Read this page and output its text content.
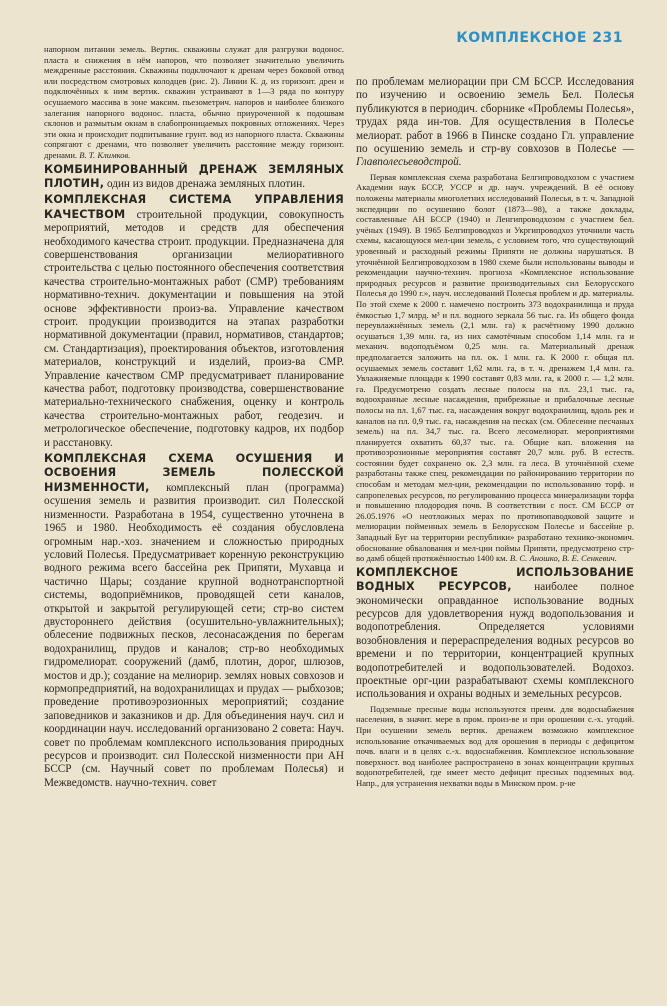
КОМПЛЕКСНОЕ 231

напорном питании земель. Вертик. скважины служат для разгрузки водонос. пласта и снижения в нём напоров, что позволяет значительно увеличить междренные расстояния. Скважины подключают к дренам через боковой отвод или посредством смотровых колодцев (рис. 2). Линии К. д. из горизонт. дрен и подключённых к ним вертик. скважин устраивают в 1—3 ряда по контуру осушаемого массива в зоне максим. пьезометрич. напоров и наиболее близкого залегания напорного водонос. пласта, обычно приуроченной к подошвам склонов и размытым окнам в слабопроницаемых покровных отложениях. Через эти окна и происходит подпитывание грунт. вод из напорного пласта. Скважины сопрягают с дренами, что позволяет увеличить расстояние между горизонт. дренами. В. Т. Климков.

КОМБИНИРОВАННЫЙ ДРЕНАЖ ЗЕМЛЯНЫХ ПЛОТИН, один из видов дренажа земляных плотин.

КОМПЛЕКСНАЯ СИСТЕМА УПРАВЛЕНИЯ КАЧЕСТВОМ строительной продукции, совокупность мероприятий, методов и средств для обеспечения необходимого качества строит. продукции. Предназначена для совершенствования организации мелиоративного строительства с целью постоянного обеспечения соответствия качества строительно-монтажных работ (СМР) требованиям нормативно-технич. документации и повышения на этой основе эффективности произ-ва. Управление качеством строит. продукции производится на этапах разработки нормативной документации (правил, нормативов, стандартов; см. Стандартизация), проектирования объектов, изготовления материалов, конструкций и изделий, произ-ва СМР. Управление качеством СМР предусматривает планирование качества работ, подготовку производства, совершенствование материально-технического снабжения, оценку и контроль качества строительно-монтажных работ, геодезич. и метрологическое обеспечение, подготовку кадров, их подбор и расстановку.

КОМПЛЕКСНАЯ СХЕМА ОСУШЕНИЯ И ОСВОЕНИЯ ЗЕМЕЛЬ ПОЛЕССКОЙ НИЗМЕННОСТИ, комплексный план (программа) осушения земель и развития производит. сил Полесской низменности. Разработана в 1954, существенно уточнена в 1965 и 1980. Необходимость её создания обусловлена огромным нар.-хоз. значением и сложностью природных условий Полесья. Предусматривает коренную реконструкцию водного режима всего бассейна рек Припяти, Мухавца и частично Щары; создание крупной воднотранспортной системы, водоприёмников, проводящей сети каналов, открытой и закрытой регулирующей сети; стр-во систем двустороннего действия (осушительно-увлажнительных); облесение подвижных песков, лесонасаждения по берегам водохранилищ, прудов и каналов; стр-во необходимых гидромелиорат. сооружений (дамб, плотин, дорог, шлюзов, мостов и др.); создание на мелиорир. землях новых совхозов и кормопредприятий, на водохранилищах и прудах — рыбхозов; проведение противоэрозионных мероприятий; создание заповедников и заказников и др. Для объединения науч. сил и координации науч. исследований организовано 2 совета: Науч. совет по проблемам комплексного использования природных ресурсов и производит. сил Полесской низменности при АН БССР (см. Научный совет по проблемам Полесья) и Межведомств. научно-технич. совет

по проблемам мелиорации при СМ БССР. Исследования по изучению и освоению земель Бел. Полесья публикуются в периодич. сборнике «Проблемы Полесья», трудах ряда ин-тов. Для осуществления в Полесье мелиорат. работ в 1966 в Пинске создано Гл. управление по осушению земель и стр-ву совхозов в Полесье — Главполесьеводстрой.

Первая комплексная схема разработана Белгипроводхозом с участием Академии наук БССР, УССР и др. науч. учреждений. В её основу положены материалы многолетних исследований Полесья, в т. ч. Западной экспедиции по осушению болот (1873—98), а также доклады, составленные АН БССР (1940) и Ленгипроводхозом с участием бел. учёных (1949). В 1965 Белгипроводхоз и Укргипроводхоз уточнили часть схемы, касающуюся мел-ции земель, с условием того, что существующий уровенный и расходный режимы Припяти не должны нарушаться. В уточнённой Белгипроводхозом в 1980 схеме были использованы выводы и рекомендации научно-технич. прогноза «Комплексное использование природных ресурсов и развитие производительных сил Белорусского Полесья до 1990 г.», науч. исследований Полесья проблем и др. материалы. По этой схеме к 2000 г. намечено построить 373 водохранилища и пруда ёмкостью 1,7 млрд. м³ и пл. водного зеркала 56 тыс. га. Из общего фонда переувлажнённых земель (2,1 млн. га) к расчётному 1990 должно осушаться 1,39 млн. га, из них самотёчным способом 1,14 млн. га и механич. водоподъёмом 0,25 млн. га. Материальный дренаж предполагается заложить на пл. ок. 1 млн. га. К 2000 г. общая пл. осушаемых земель составит 1,62 млн. га, в т. ч. дренажем 1,4 млн. га. Увлажняемые площади к 1990 составят 0,83 млн. га, к 2000 г. — 1,2 млн. га. Предусмотрено создать лесные полосы на пл. 23,1 тыс. га, водоохранные лесные насаждения, прибрежные и прибалочные лесные полосы на пл. 1,67 тыс. га, насаждения вокруг водохранилищ, вдоль рек и каналов на пл. 0,9 тыс. га, насаждения на песках (см. Облесение песчаных земель) на пл. 34,7 тыс. га. Всего лесомелиорат. мероприятиями планируется охватить 60,37 тыс. га. Общие кап. вложения на противоэрозионные мероприятия составят 20,7 млн. руб. В естеств. состоянии будет сохранено ок. 2,3 млн. га леса. В уточнённой схеме разработаны также спец. рекомендации по районированию территории по способам и методам мел-ции, рекомендации по использованию торф. и сапропелевых ресурсов, по регулированию процесса минерализации торфа и повышению плодородия почв. В соответствии с пост. СМ БССР от 26.05.1976 «О неотложных мерах по противопаводковой защите и мелиорации пойменных земель в Белорусском Полесье и бассейне р. Западный Буг на территории республики» разработано технико-экономич. обоснование обвалования и мел-ции поймы Припяти, предусмотрено стр-во дамб общей протяжённостью 1400 км. В. С. Аношко, В. Е. Сенкевич.

КОМПЛЕКСНОЕ ИСПОЛЬЗОВАНИЕ ВОДНЫХ РЕСУРСОВ, наиболее полное экономически оправданное использование водных ресурсов для удовлетворения нужд водопользования и водопотребления. Определяется условиями возобновления и перераспределения водных ресурсов во времени и по территории, концентрацией крупных водопотребителей и водопользователей. Водохоз. проектные орг-ции разрабатывают схемы комплексного использования и охраны водных и земельных ресурсов.

Подземные пресные воды используются преим. для водоснабжения населения, в значит. мере в пром. произ-ве и при орошении с.-х. угодий. При осушении земель вертик. дренажем возможно комплексное использование откачиваемых вод для орошения в периоды с дефицитом почв. влаги и в целях с.-х. водоснабжения. Комплексное использование поверхност. вод наиболее распространено в зонах концентрации крупных водопотребителей, где имеет место дефицит пресных подземных вод. Напр., для устранения нехватки воды в Минском пром. р-не
